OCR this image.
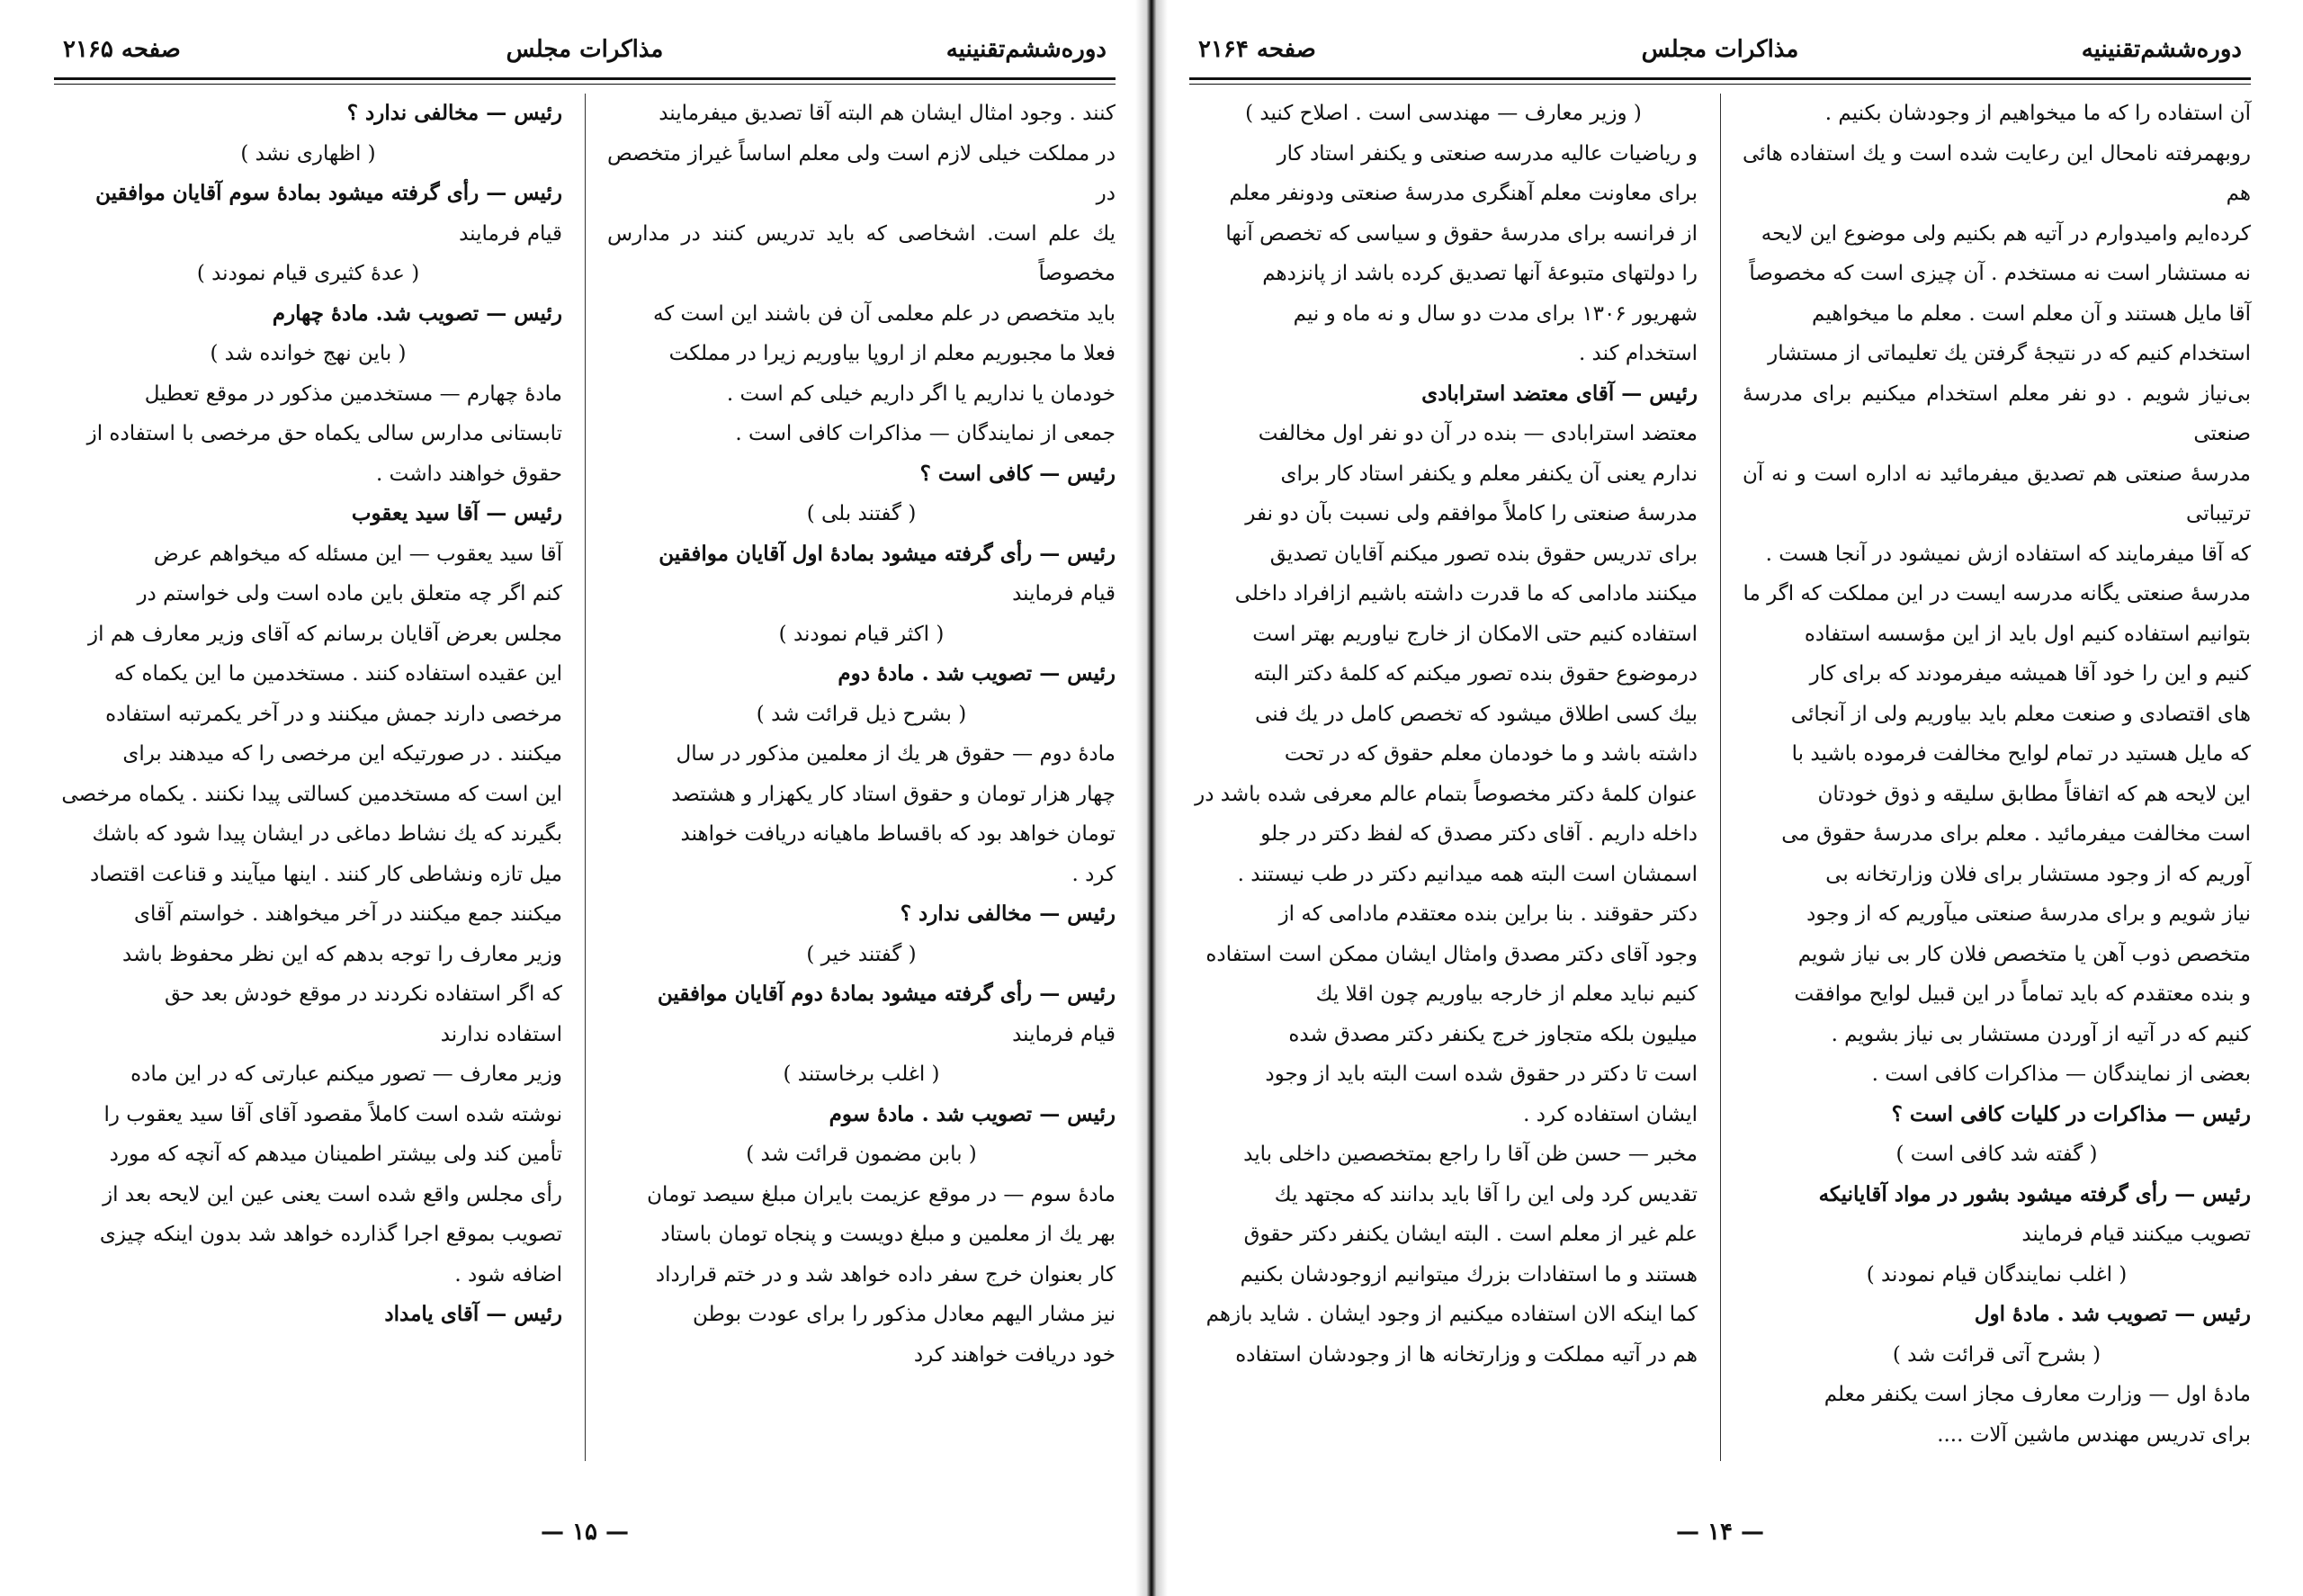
صفحه ۲۱۶۵	مذاكرات مجلس	دوره‌ششم‌تقنینیه

كنند . وجود امثال ایشان هم البته آقا تصدیق میفرمایند

در مملکت خیلی لازم است ولی معلم اساساً غیراز متخصص در

یك علم است. اشخاصی که باید تدریس کنند در مدارس مخصوصاً

باید متخصص در علم معلمی آن فن باشند این است که

فعلا ما مجبوریم معلم از اروپا بیاوریم زیرا در مملکت

خودمان یا نداریم یا اگر داریم خیلی کم است .

جمعی از نمایندگان — مذاکرات کافی است .

رئیس — کافی است ؟

( گفتند بلی )

رئیس — رأی گرفته میشود بمادهٔ اول آقایان موافقین

قیام فرمایند

( اکثر قیام نمودند )

رئیس — تصویب شد . مادهٔ دوم

( بشرح ذیل قرائت شد )

مادهٔ دوم — حقوق هر یك از معلمین مذکور در سال

چهار هزار تومان و حقوق استاد کار یکهزار و هشتصد

تومان خواهد بود که باقساط ماهیانه دریافت خواهند

کرد .

رئیس — مخالفی ندارد ؟

( گفتند خیر )

رئیس — رأی گرفته میشود بمادهٔ دوم آقایان موافقین

قیام فرمایند

( اغلب برخاستند )

رئیس — تصویب شد . مادهٔ سوم

( بابن مضمون قرائت شد )

مادهٔ سوم — در موقع عزیمت بایران مبلغ سیصد تومان

بهر یك از معلمین و مبلغ دویست و پنجاه تومان باستاد

کار بعنوان خرج سفر داده خواهد شد و در ختم قرارداد

نیز مشار الیهم معادل مذکور را برای عودت بوطن

خود دریافت خواهند کرد

رئیس — مخالفی ندارد ؟

( اظهاری نشد )

رئیس — رأی گرفته میشود بمادهٔ سوم آقایان موافقین

قیام فرمایند

( عدهٔ کثیری قیام نمودند )

رئیس — تصویب شد. مادهٔ چهارم

( باین نهج خوانده شد )

مادهٔ چهارم — مستخدمین مذکور در موقع تعطیل

تابستانی مدارس سالی یکماه حق مرخصی با استفاده از

حقوق خواهند داشت .

رئیس — آقا سید یعقوب

آقا سید یعقوب — این مسئله که میخواهم عرض

کنم اگر چه متعلق باین ماده است ولی خواستم در

مجلس بعرض آقایان برسانم که آقای وزیر معارف هم از

این عقیده استفاده کنند . مستخدمین ما این یکماه که

مرخصی دارند جمش میکنند و در آخر یکمرتبه استفاده

میکنند . در صورتیکه این مرخصی را که میدهند برای

این است که مستخدمین کسالتی پیدا نکنند . یکماه مرخصی

بگیرند که یك نشاط دماغی در ایشان پیدا شود که باشك

میل تازه ونشاطی کار کنند . اینها میآیند و قناعت اقتصاد

میکنند جمع میکنند در آخر میخواهند . خواستم آقای

وزیر معارف را توجه بدهم که این نظر محفوظ باشد

که اگر استفاده نکردند در موقع خودش بعد حق

استفاده ندارند

وزیر معارف — تصور میکنم عبارتی که در این ماده

نوشته شده است کاملاً مقصود آقای آقا سید یعقوب را

تأمین کند ولی بیشتر اطمینان میدهم که آنچه که مورد

رأی مجلس واقع شده است یعنی عین این لایحه بعد از

تصویب بموقع اجرا گذارده خواهد شد بدون اینکه چیزی

اضافه شود .

رئیس — آقای یامداد

— ۱۵ —
صفحه ۲۱۶۴	مذاكرات مجلس	دوره‌ششم‌تقنینیه

آن استفاده را که ما میخواهیم از وجودشان بکنیم .

روبهمرفته نامحال این رعایت شده است و یك استفاده هائی هم

کرده‌ایم وامیدوارم در آتیه هم بکنیم ولی موضوع این لایحه

نه مستشار است نه مستخدم . آن چیزی است که مخصوصاً

آقا مایل هستند و آن معلم است . معلم ما میخواهیم

استخدام کنیم که در نتیجهٔ گرفتن یك تعلیماتی از مستشار

بی‌نیاز شویم . دو نفر معلم استخدام میکنیم برای مدرسهٔ صنعتی

مدرسهٔ صنعتی هم تصدیق میفرمائید نه اداره است و نه آن ترتیباتی

که آقا میفرمایند که استفاده ازش نمیشود در آنجا هست .

مدرسهٔ صنعتی یگانه مدرسه ایست در این مملکت که اگر ما

بتوانیم استفاده کنیم اول باید از این مؤسسه استفاده

کنیم و این را خود آقا همیشه میفرمودند که برای کار

های اقتصادی و صنعت معلم باید بیاوریم ولی از آنجائی

که مایل هستید در تمام لوایح مخالفت فرموده باشید با

این لایحه هم که اتفاقاً مطابق سلیقه و ذوق خودتان

است مخالفت میفرمائید . معلم برای مدرسهٔ حقوق می

آوریم که از وجود مستشار برای فلان وزارتخانه بی

نیاز شویم و برای مدرسهٔ صنعتی میآوریم که از وجود

متخصص ذوب آهن یا متخصص فلان کار بی نیاز شویم

و بنده معتقدم که باید تماماً در این قبیل لوایح موافقت

کنیم که در آتیه از آوردن مستشار بی نیاز بشویم .

بعضی از نمایندگان — مذاکرات کافی است .

رئیس — مذاکرات در کلیات کافی است ؟

( گفته شد کافی است )

رئیس — رأی گرفته میشود بشور در مواد آقایانیکه

تصویب میکنند قیام فرمایند

( اغلب نمایندگان قیام نمودند )

رئیس — تصویب شد . مادهٔ اول

( بشرح آتی قرائت شد )

مادهٔ اول — وزارت معارف مجاز است یکنفر معلم

برای تدریس مهندس ماشین آلات ....

( وزیر معارف — مهندسی است . اصلاح کنید )

و ریاضیات عالیه مدرسه صنعتی و یکنفر استاد کار

برای معاونت معلم آهنگری مدرسهٔ صنعتی ودونفر معلم

از فرانسه برای مدرسهٔ حقوق و سیاسی که تخصص آنها

را دولتهای متبوعهٔ آنها تصدیق کرده باشد از پانزدهم

شهریور ۱۳۰۶ برای مدت دو سال و نه ماه و نیم

استخدام کند .

رئیس — آقای معتضد استرابادی

معتضد استرابادی — بنده در آن دو نفر اول مخالفت

ندارم یعنی آن یکنفر معلم و یکنفر استاد کار برای

مدرسهٔ صنعتی را کاملاً موافقم ولی نسبت بآن دو نفر

برای تدریس حقوق بنده تصور میکنم آقایان تصدیق

میکنند مادامی که ما قدرت داشته باشیم ازافراد داخلی

استفاده کنیم حتی الامکان از خارج نیاوریم بهتر است

درموضوع حقوق بنده تصور میکنم که کلمهٔ دکتر البته

بیك کسی اطلاق میشود که تخصص کامل در یك فنی

داشته باشد و ما خودمان معلم حقوق که در تحت

عنوان کلمهٔ دکتر مخصوصاً بتمام عالم معرفی شده باشد در

داخله داریم . آقای دکتر مصدق که لفظ دکتر در جلو

اسمشان است البته همه میدانیم دکتر در طب نیستند .

دکتر حقوقند . بنا براین بنده معتقدم مادامی که از

وجود آقای دکتر مصدق وامثال ایشان ممکن است استفاده

کنیم نباید معلم از خارجه بیاوریم چون اقلا یك

میلیون بلکه متجاوز خرج یکنفر دکتر مصدق شده

است تا دکتر در حقوق شده است البته باید از وجود

ایشان استفاده کرد .

مخبر — حسن ظن آقا را راجع بمتخصصین داخلی باید

تقدیس کرد ولی این را آقا باید بدانند که مجتهد یك

علم غیر از معلم است . البته ایشان یکنفر دکتر حقوق

هستند و ما استفادات بزرك میتوانیم ازوجودشان بکنیم

کما اینکه الان استفاده میکنیم از وجود ایشان . شاید بازهم

هم در آتیه مملکت و وزارتخانه ها از وجودشان استفاده

— ۱۴ —
